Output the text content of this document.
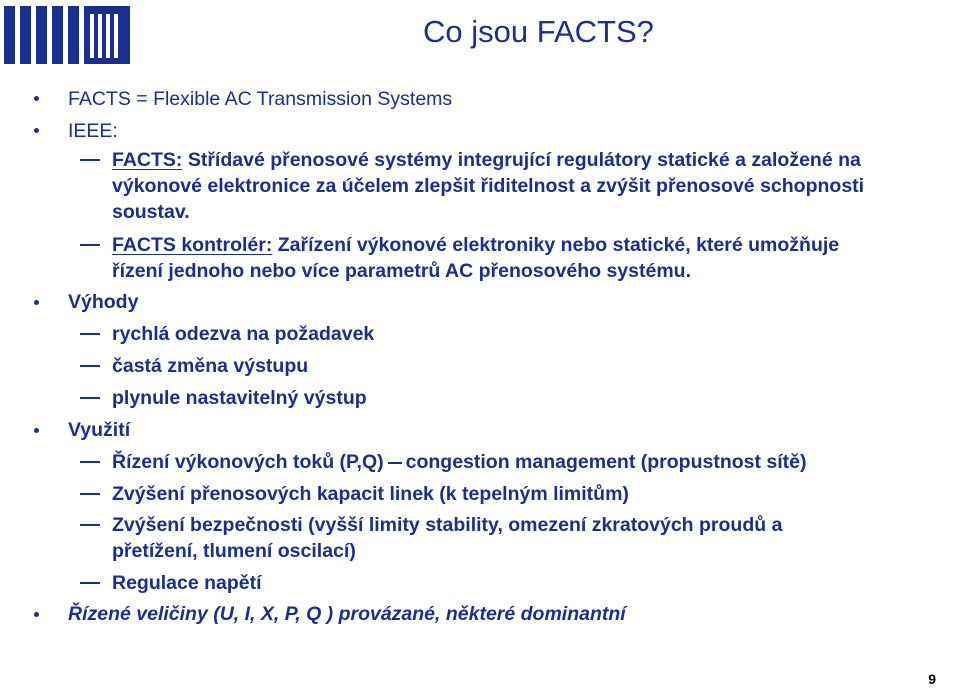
Co jsou FACTS?
FACTS = Flexible AC Transmission Systems
IEEE:
FACTS: Střídavé přenosové systémy integrující regulátory statické a založené na
výkonové elektronice za účelem zlepšit řiditelnost a zvýšit přenosové schopnosti
soustav.
FACTS kontrolér: Zařízení výkonové elektroniky nebo statické, které umožňuje
řízení jednoho nebo více parametrů AC přenosového systému.
Výhody
rychlá odezva na požadavek
častá změna výstupu
plynule nastavitelný výstup
Využití
Řízení výkonových toků (P,Q) congestion management (propustnost sítě)
Zvýšení přenosových kapacit linek (k tepelným limitům)
Zvýšení bezpečnosti (vyšší limity stability, omezení zkratových proudů a
přetížení, tlumení oscilací)
Regulace napětí
Řízené veličiny (U, I, X, P, Q ) provázané, některé dominantní
9
